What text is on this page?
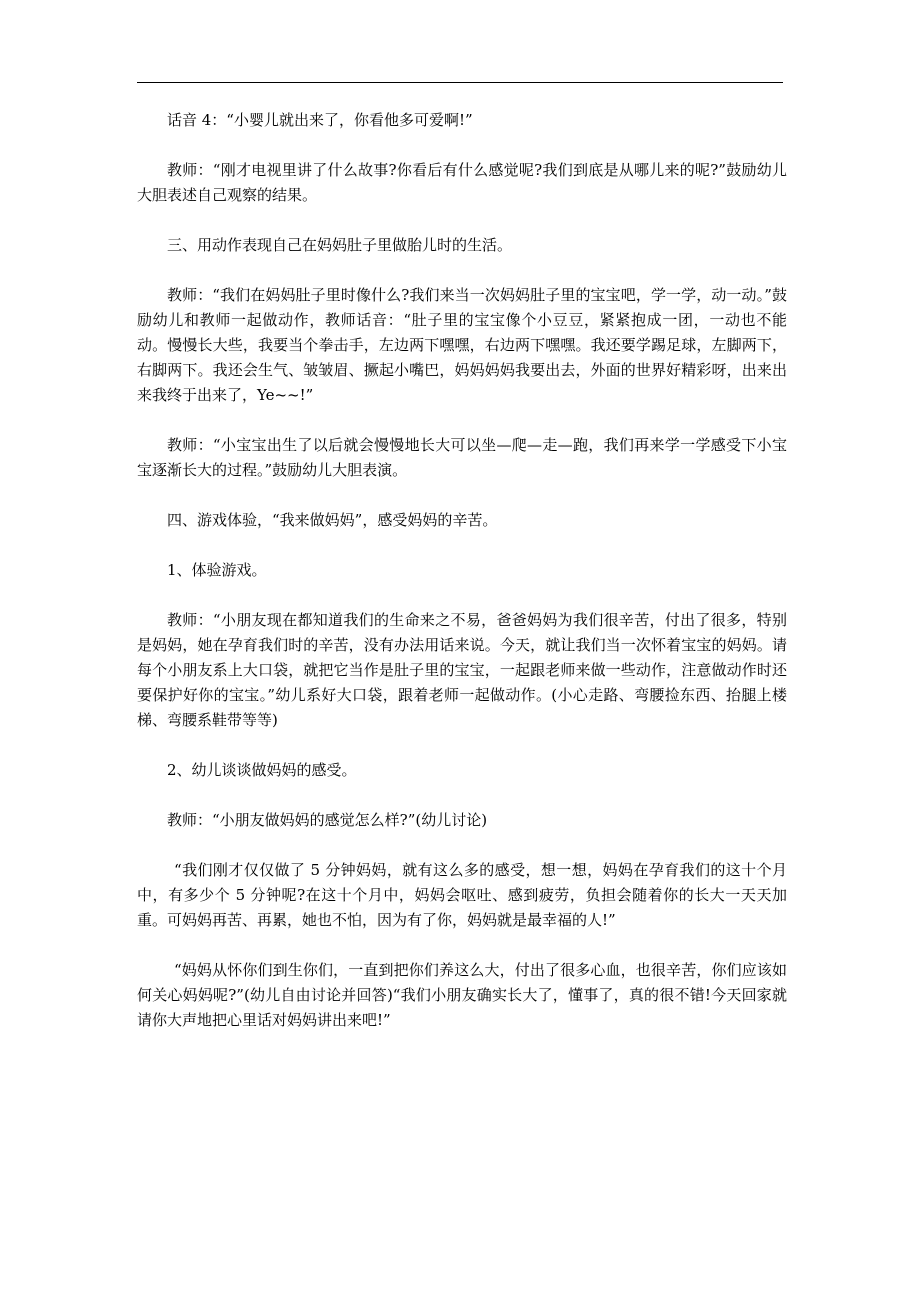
话音 4：“小婴儿就出来了，你看他多可爱啊!”

教师：“刚才电视里讲了什么故事?你看后有什么感觉呢?我们到底是从哪儿来的呢?”鼓励幼儿大胆表述自己观察的结果。

三、用动作表现自己在妈妈肚子里做胎儿时的生活。

教师：“我们在妈妈肚子里时像什么?我们来当一次妈妈肚子里的宝宝吧，学一学，动一动。”鼓励幼儿和教师一起做动作，教师话音：“肚子里的宝宝像个小豆豆，紧紧抱成一团，一动也不能动。慢慢长大些，我要当个拳击手，左边两下嘿嘿，右边两下嘿嘿。我还要学踢足球，左脚两下，右脚两下。我还会生气、皱皱眉、撅起小嘴巴，妈妈妈妈我要出去，外面的世界好精彩呀，出来出来我终于出来了，Ye~~!”

教师：“小宝宝出生了以后就会慢慢地长大可以坐—爬—走—跑，我们再来学一学感受下小宝宝逐渐长大的过程。”鼓励幼儿大胆表演。

四、游戏体验，“我来做妈妈”，感受妈妈的辛苦。

1、体验游戏。

教师：“小朋友现在都知道我们的生命来之不易，爸爸妈妈为我们很辛苦，付出了很多，特别是妈妈，她在孕育我们时的辛苦，没有办法用话来说。今天，就让我们当一次怀着宝宝的妈妈。请每个小朋友系上大口袋，就把它当作是肚子里的宝宝，一起跟老师来做一些动作，注意做动作时还要保护好你的宝宝。”幼儿系好大口袋，跟着老师一起做动作。(小心走路、弯腰捡东西、抬腿上楼梯、弯腰系鞋带等等)

2、幼儿谈谈做妈妈的感受。

教师：“小朋友做妈妈的感觉怎么样?”(幼儿讨论)

“我们刚才仅仅做了 5 分钟妈妈，就有这么多的感受，想一想，妈妈在孕育我们的这十个月中，有多少个 5 分钟呢?在这十个月中，妈妈会呕吐、感到疲劳，负担会随着你的长大一天天加重。可妈妈再苦、再累，她也不怕，因为有了你，妈妈就是最幸福的人!”

“妈妈从怀你们到生你们，一直到把你们养这么大，付出了很多心血，也很辛苦，你们应该如何关心妈妈呢?”(幼儿自由讨论并回答)“我们小朋友确实长大了，懂事了，真的很不错!今天回家就请你大声地把心里话对妈妈讲出来吧!”
